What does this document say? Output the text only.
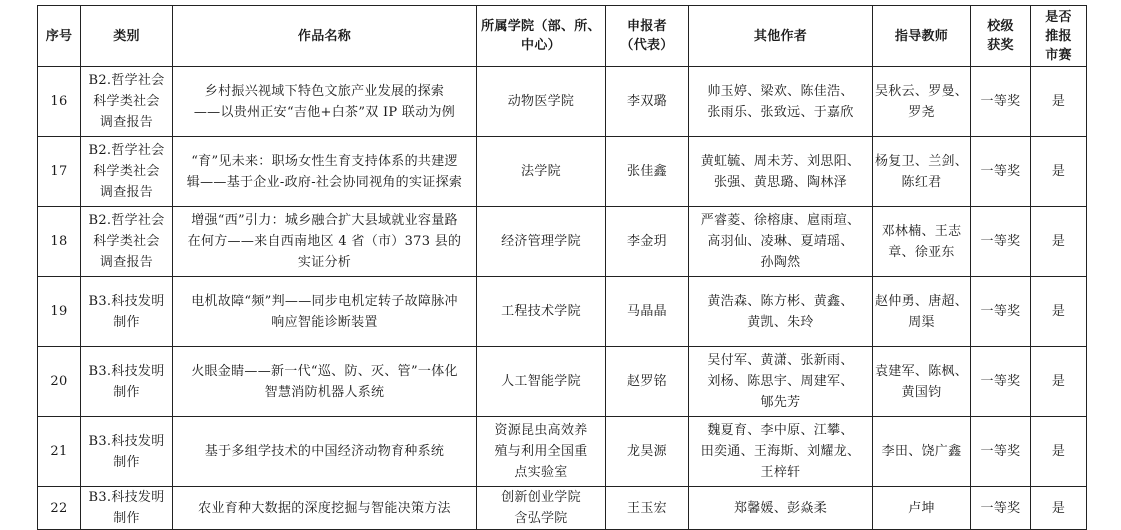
序号	类别	作品名称	所属学院（部、所、
中心）	申报者
（代表）	其他作者	指导教师	校级
获奖	是否
推报
市赛

16	B2.哲学社会
科学类社会
调查报告	乡村振兴视域下特色文旅产业发展的探索
——以贵州正安“吉他+白茶”双 IP 联动为例	动物医学院	李双璐	帅玉婷、梁欢、陈佳浩、
张雨乐、张致远、于嘉欣	吴秋云、罗曼、
罗尧	一等奖	是

17	B2.哲学社会
科学类社会
调查报告	“育”见未来：职场女性生育支持体系的共建逻
辑——基于企业-政府-社会协同视角的实证探索	法学院	张佳鑫	黄虹毓、周未芳、刘思阳、
张强、黄思璐、陶林泽	杨复卫、兰剑、
陈红君	一等奖	是

18	B2.哲学社会
科学类社会
调查报告	增强“西”引力：城乡融合扩大县域就业容量路
在何方——来自西南地区 4 省（市）373 县的
实证分析	经济管理学院	李金玥	严睿菱、徐榕康、扈雨瑄、
高羽仙、凌琳、夏靖瑶、
孙陶然	邓林楠、王志
章、徐亚东	一等奖	是

19	B3.科技发明
制作	电机故障“频”判——同步电机定转子故障脉冲
响应智能诊断装置	工程技术学院	马晶晶	黄浩森、陈方彬、黄鑫、
黄凯、朱玲	赵仲勇、唐超、
周渠	一等奖	是

20	B3.科技发明
制作	火眼金睛——新一代“巡、防、灭、管”一体化
智慧消防机器人系统	人工智能学院	赵罗铭	吴付军、黄潇、张新雨、
刘杨、陈思宇、周建军、
郇先芳	袁建军、陈枫、
黄国钧	一等奖	是

21	B3.科技发明
制作	基于多组学技术的中国经济动物育种系统	资源昆虫高效养
殖与利用全国重
点实验室	龙昊源	魏夏育、李中原、江攀、
田奕通、王海斯、刘耀龙、
王梓轩	李田、饶广鑫	一等奖	是

22	B3.科技发明
制作	农业育种大数据的深度挖掘与智能决策方法	创新创业学院
含弘学院	王玉宏	郑馨媛、彭焱柔	卢坤	一等奖	是
